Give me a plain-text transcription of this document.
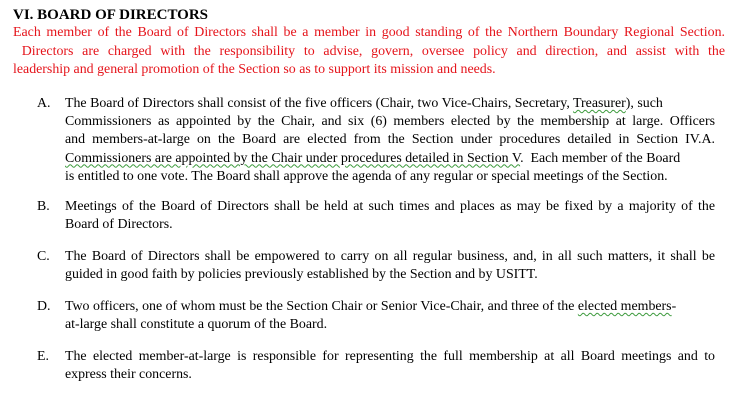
VI. BOARD OF DIRECTORS
Each member of the Board of Directors shall be a member in good standing of the Northern Boundary Regional Section.
Directors are charged with the responsibility to advise, govern, oversee policy and direction, and assist with the
leadership and general promotion of the Section so as to support its mission and needs.
A.	The Board of Directors shall consist of the five officers (Chair, two Vice-Chairs, Secretary, Treasurer), such
Commissioners as appointed by the Chair, and six (6) members elected by the membership at large. Officers
and members-at-large on the Board are elected from the Section under procedures detailed in Section IV.A.
Commissioners are appointed by the Chair under procedures detailed in Section V.  Each member of the Board
is entitled to one vote. The Board shall approve the agenda of any regular or special meetings of the Section.
B.	Meetings of the Board of Directors shall be held at such times and places as may be fixed by a majority of the
Board of Directors.
C.	The Board of Directors shall be empowered to carry on all regular business, and, in all such matters, it shall be
guided in good faith by policies previously established by the Section and by USITT.
D.	Two officers, one of whom must be the Section Chair or Senior Vice-Chair, and three of the elected members-
at-large shall constitute a quorum of the Board.
E.	The elected member-at-large is responsible for representing the full membership at all Board meetings and to
express their concerns.
